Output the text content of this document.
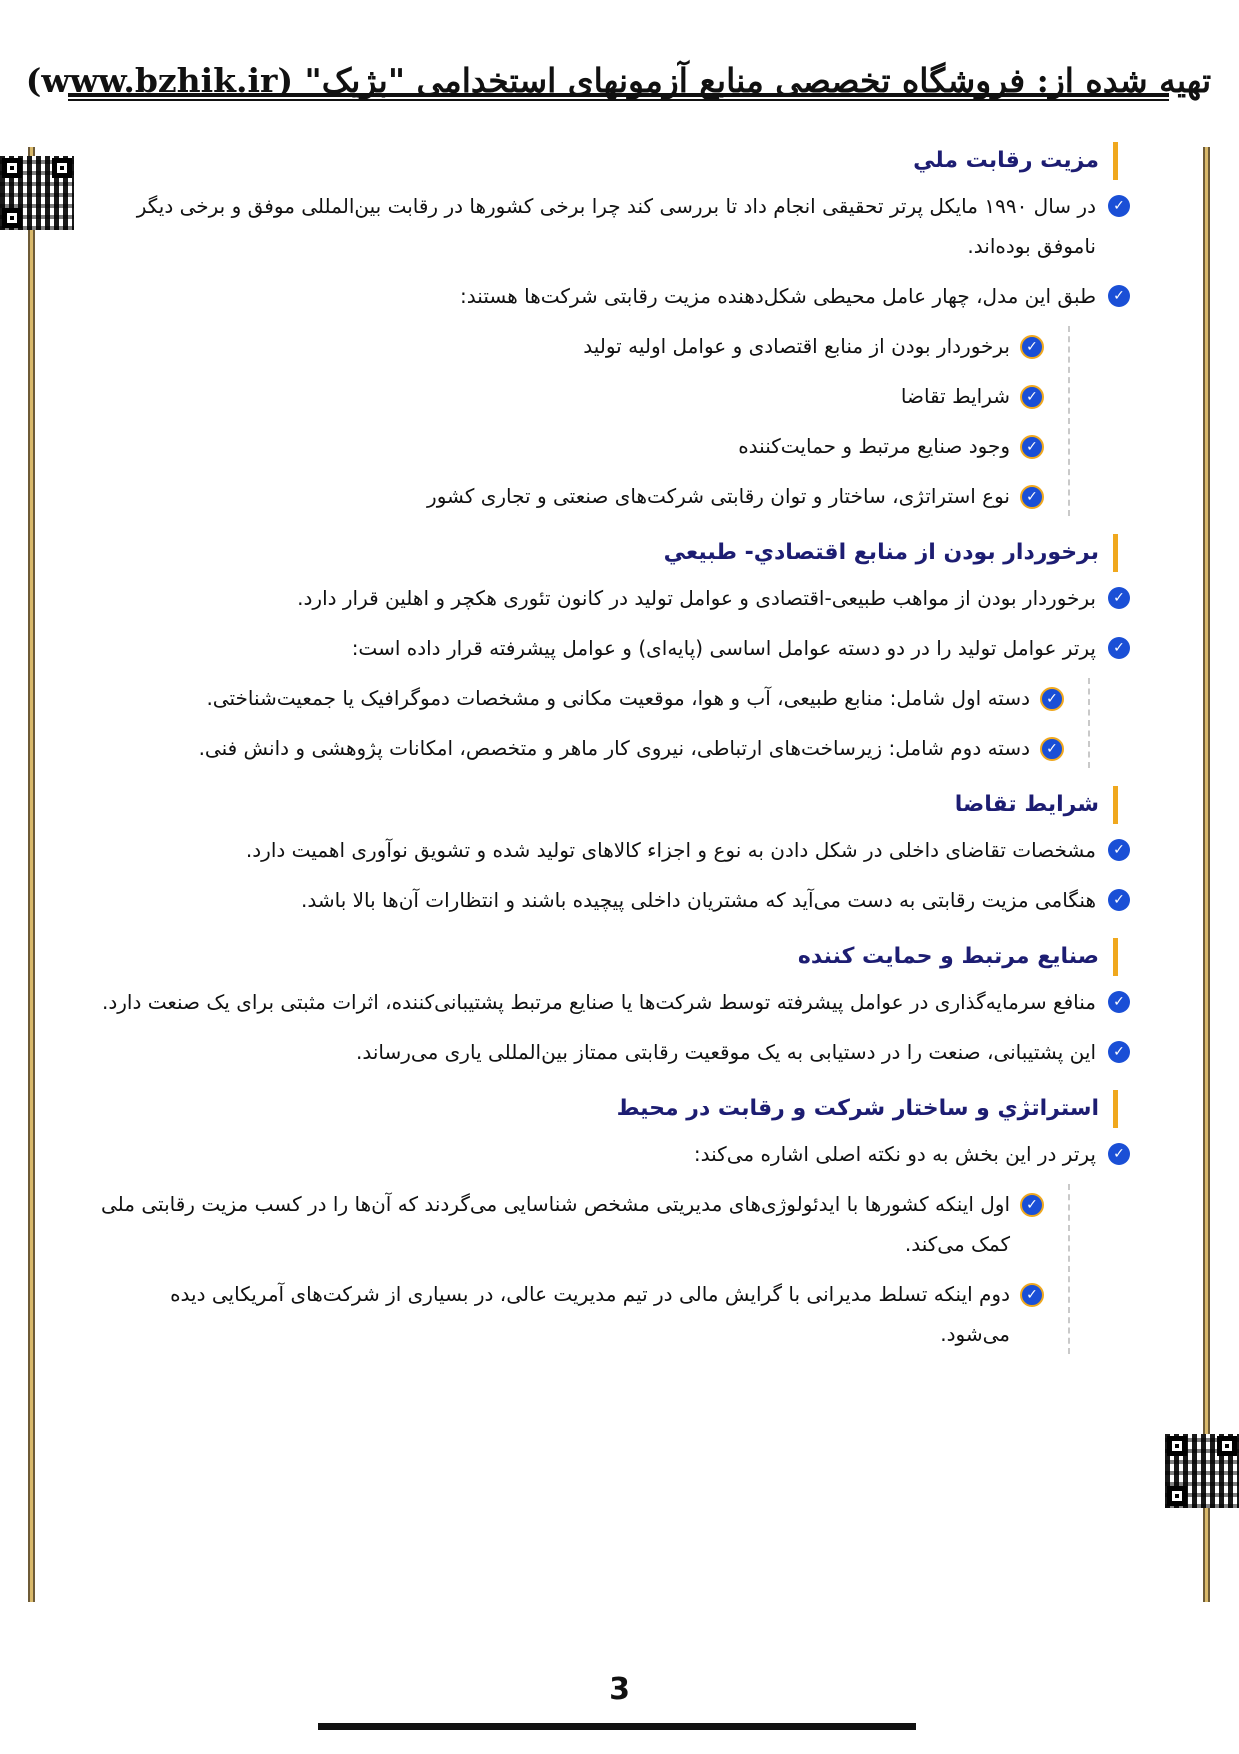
تهیه شده از: فروشگاه تخصصی منابع آزمونهای استخدامی "بژیک" (www.bzhik.ir)
مزيت رقابت ملي
✓
در سال ۱۹۹۰ مایکل پرتر تحقیقی انجام داد تا بررسی کند چرا برخی کشورها در رقابت بین‌المللی موفق و برخی دیگر ناموفق بوده‌اند.
✓
طبق این مدل، چهار عامل محیطی شکل‌دهنده مزیت رقابتی شرکت‌ها هستند:
✓
برخوردار بودن از منابع اقتصادی و عوامل اولیه تولید
✓
شرایط تقاضا
✓
وجود صنایع مرتبط و حمایت‌کننده
✓
نوع استراتژی، ساختار و توان رقابتی شرکت‌های صنعتی و تجاری کشور
برخوردار بودن از منابع اقتصادي- طبيعي
✓
برخوردار بودن از مواهب طبیعی-اقتصادی و عوامل تولید در کانون تئوری هکچر و اهلین قرار دارد.
✓
پرتر عوامل تولید را در دو دسته عوامل اساسی (پایه‌ای) و عوامل پیشرفته قرار داده است:
✓
دسته اول شامل: منابع طبیعی، آب و هوا، موقعیت مکانی و مشخصات دموگرافیک یا جمعیت‌شناختی.
✓
دسته دوم شامل: زیرساخت‌های ارتباطی، نیروی کار ماهر و متخصص، امکانات پژوهشی و دانش فنی.
شرايط تقاضا
✓
مشخصات تقاضای داخلی در شکل دادن به نوع و اجزاء کالاهای تولید شده و تشویق نوآوری اهمیت دارد.
✓
هنگامی مزیت رقابتی به دست می‌آید که مشتریان داخلی پیچیده باشند و انتظارات آن‌ها بالا باشد.
صنايع مرتبط و حمايت كننده
✓
منافع سرمایه‌گذاری در عوامل پیشرفته توسط شرکت‌ها یا صنایع مرتبط پشتیبانی‌کننده، اثرات مثبتی برای یک صنعت دارد.
✓
این پشتیبانی، صنعت را در دستیابی به یک موقعیت رقابتی ممتاز بین‌المللی یاری می‌رساند.
استراتژي و ساختار شركت و رقابت در محيط
✓
پرتر در این بخش به دو نکته اصلی اشاره می‌کند:
✓
اول اینکه کشورها با ایدئولوژی‌های مدیریتی مشخص شناسایی می‌گردند که آن‌ها را در کسب مزیت رقابتی ملی کمک می‌کند.
✓
دوم اینکه تسلط مدیرانی با گرایش مالی در تیم مدیریت عالی، در بسیاری از شرکت‌های آمریکایی دیده می‌شود.
3
